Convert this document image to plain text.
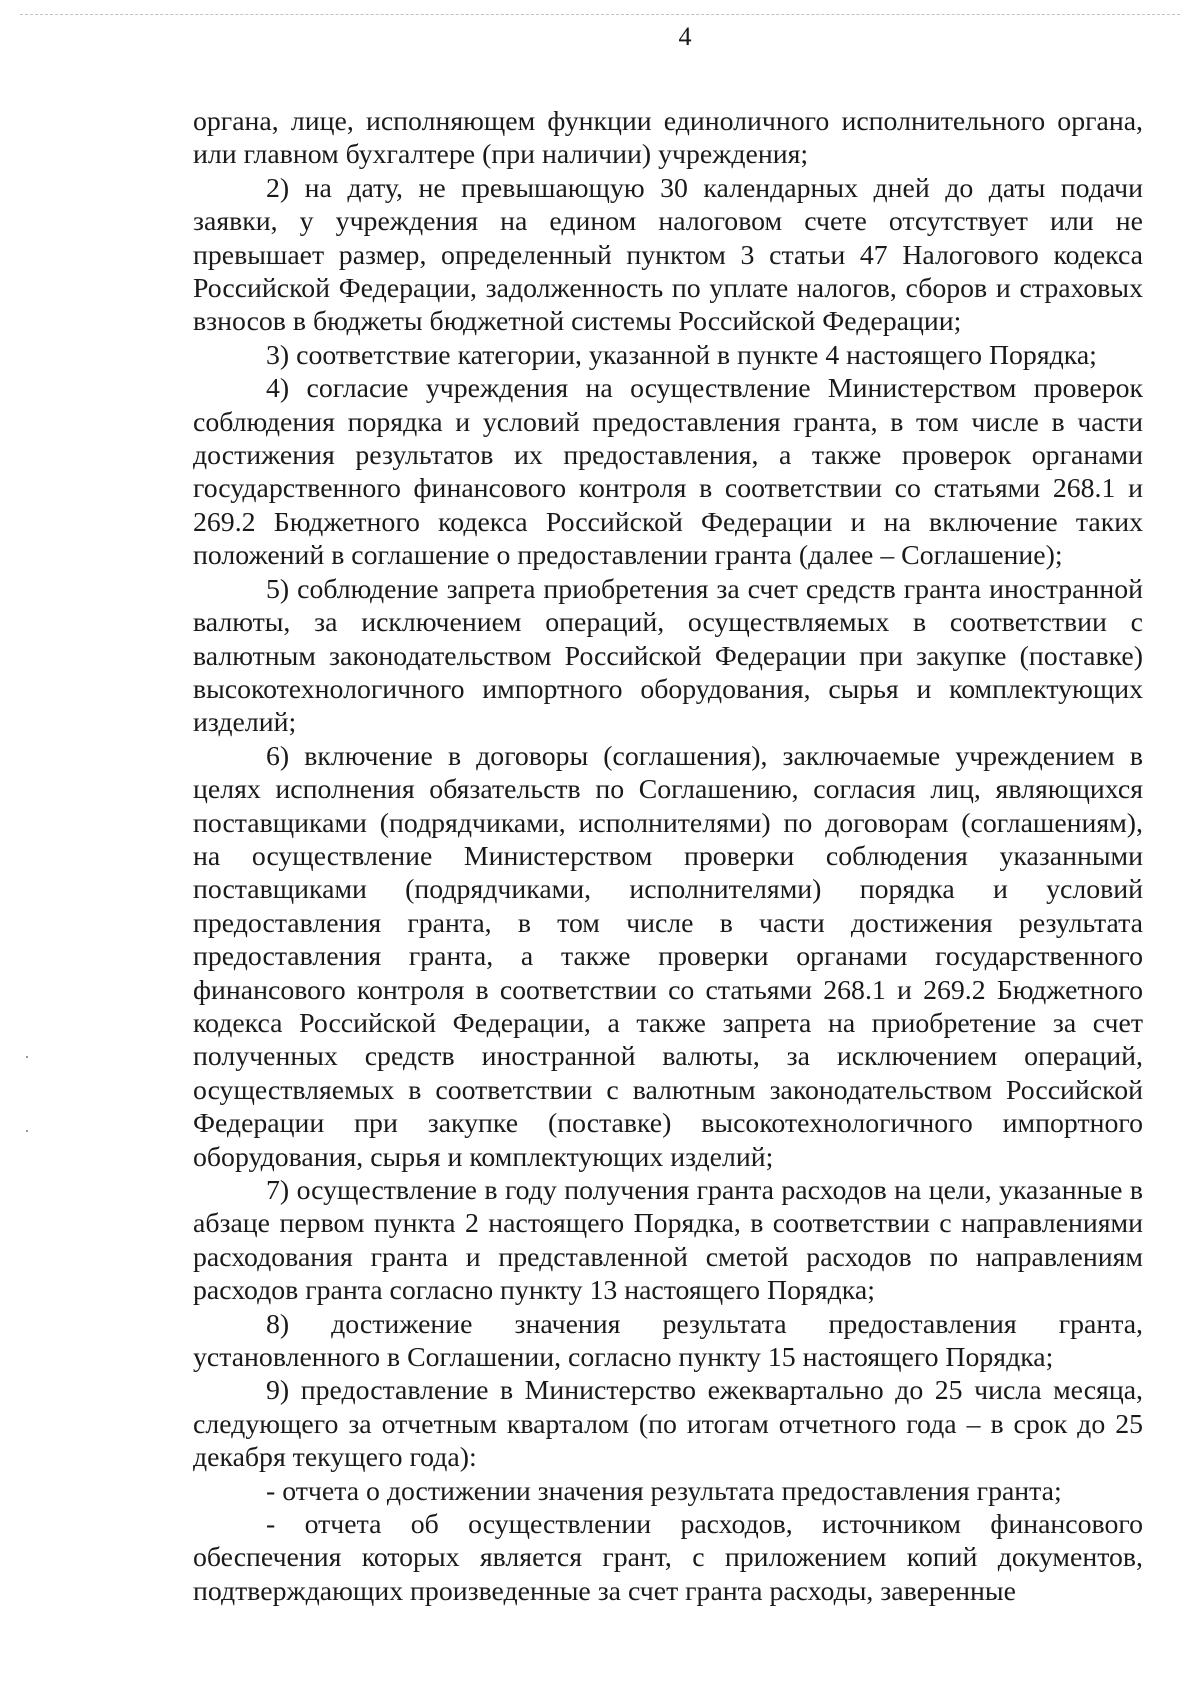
4

органа, лице, исполняющем функции единоличного исполнительного органа, или главном бухгалтере (при наличии) учреждения;

2) на дату, не превышающую 30 календарных дней до даты подачи заявки, у учреждения на едином налоговом счете отсутствует или не превышает размер, определенный пунктом 3 статьи 47 Налогового кодекса Российской Федерации, задолженность по уплате налогов, сборов и страховых взносов в бюджеты бюджетной системы Российской Федерации;

3) соответствие категории, указанной в пункте 4 настоящего Порядка;

4) согласие учреждения на осуществление Министерством проверок соблюдения порядка и условий предоставления гранта, в том числе в части достижения результатов их предоставления, а также проверок органами государственного финансового контроля в соответствии со статьями 268.1 и 269.2 Бюджетного кодекса Российской Федерации и на включение таких положений в соглашение о предоставлении гранта (далее – Соглашение);

5) соблюдение запрета приобретения за счет средств гранта иностранной валюты, за исключением операций, осуществляемых в соответствии с валютным законодательством Российской Федерации при закупке (поставке) высокотехнологичного импортного оборудования, сырья и комплектующих изделий;

6) включение в договоры (соглашения), заключаемые учреждением в целях исполнения обязательств по Соглашению, согласия лиц, являющихся поставщиками (подрядчиками, исполнителями) по договорам (соглашениям), на осуществление Министерством проверки соблюдения указанными поставщиками (подрядчиками, исполнителями) порядка и условий предоставления гранта, в том числе в части достижения результата предоставления гранта, а также проверки органами государственного финансового контроля в соответствии со статьями 268.1 и 269.2 Бюджетного кодекса Российской Федерации, а также запрета на приобретение за счет полученных средств иностранной валюты, за исключением операций, осуществляемых в соответствии с валютным законодательством Российской Федерации при закупке (поставке) высокотехнологичного импортного оборудования, сырья и комплектующих изделий;

7) осуществление в году получения гранта расходов на цели, указанные в абзаце первом пункта 2 настоящего Порядка, в соответствии с направлениями расходования гранта и представленной сметой расходов по направлениям расходов гранта согласно пункту 13 настоящего Порядка;

8) достижение значения результата предоставления гранта, установленного в Соглашении, согласно пункту 15 настоящего Порядка;

9) предоставление в Министерство ежеквартально до 25 числа месяца, следующего за отчетным кварталом (по итогам отчетного года – в срок до 25 декабря текущего года):

- отчета о достижении значения результата предоставления гранта;

- отчета об осуществлении расходов, источником финансового обеспечения которых является грант, с приложением копий документов, подтверждающих произведенные за счет гранта расходы, заверенные
